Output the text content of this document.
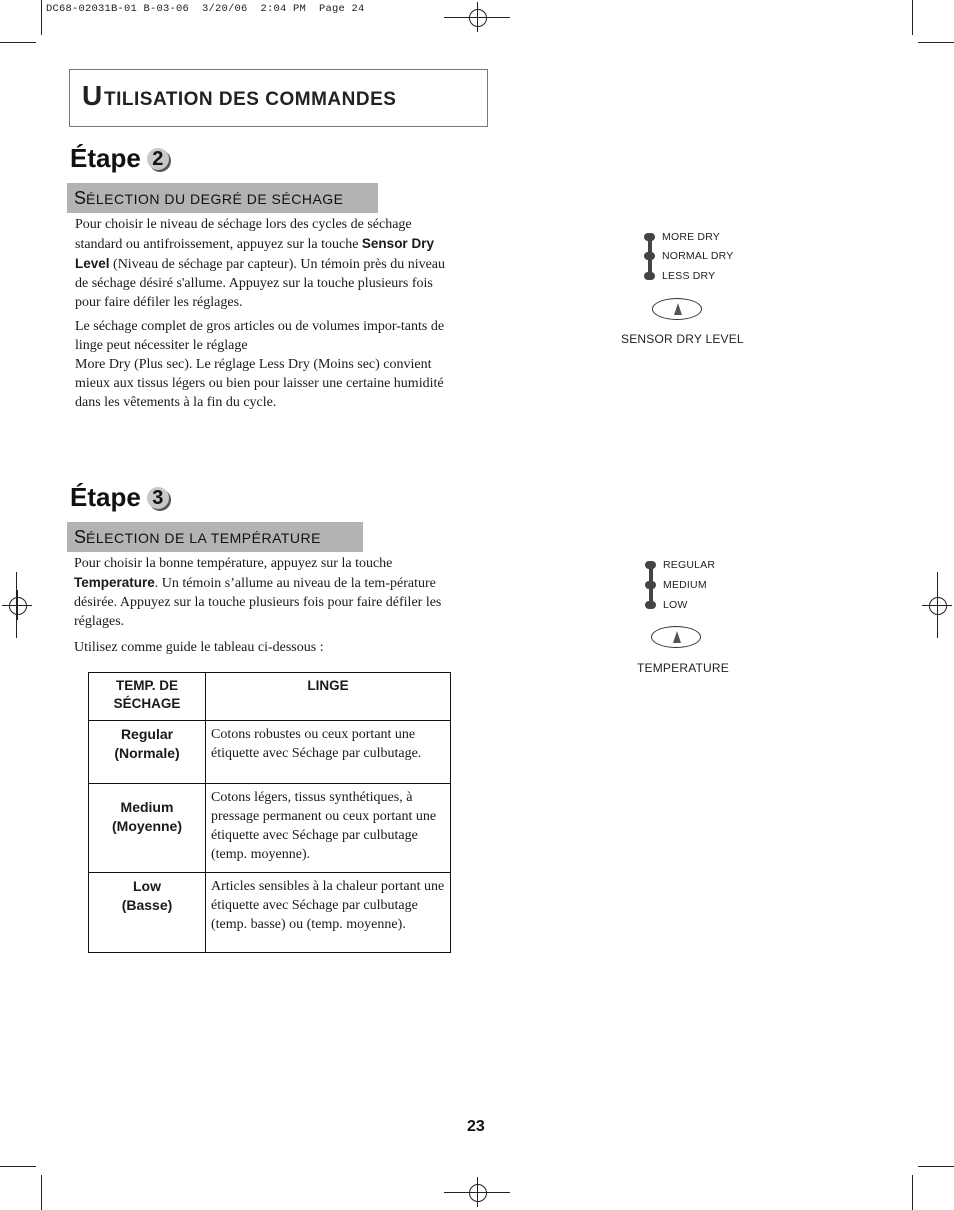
DC68-02031B-01 B-03-06  3/20/06  2:04 PM  Page 24
U TILISATION DES COMMANDES
Étape 2
SÉLECTION DU DEGRÉ DE SÉCHAGE
Pour choisir le niveau de séchage lors des cycles de séchage standard ou antifroissement, appuyez sur la touche Sensor Dry Level (Niveau de séchage par capteur). Un témoin près du niveau de séchage désiré s'allume. Appuyez sur la touche plusieurs fois pour faire défiler les réglages.
Le séchage complet de gros articles ou de volumes impor-tants de linge peut nécessiter le réglage
More Dry (Plus sec). Le réglage Less Dry (Moins sec) convient mieux aux tissus légers ou bien pour laisser une certaine humidité dans les vêtements à la fin du cycle.
MORE DRY
NORMAL DRY
LESS DRY
SENSOR DRY LEVEL
Étape 3
SÉLECTION DE LA TEMPÉRATURE
Pour choisir la bonne température, appuyez sur la touche Temperature. Un témoin s’allume au niveau de la tem-pérature désirée. Appuyez sur la touche plusieurs fois pour faire défiler les réglages.
Utilisez comme guide le tableau ci-dessous :
REGULAR
MEDIUM
LOW
TEMPERATURE
TEMP. DE SÉCHAGE	LINGE
Regular
(Normale)	Cotons robustes ou ceux portant une étiquette avec Séchage par culbutage.
Medium
(Moyenne)	Cotons légers, tissus synthétiques, à pressage permanent ou ceux portant une étiquette avec Séchage par culbutage (temp. moyenne).
Low
(Basse)	Articles sensibles à la chaleur portant une étiquette avec Séchage par culbutage (temp. basse) ou (temp. moyenne).
23
